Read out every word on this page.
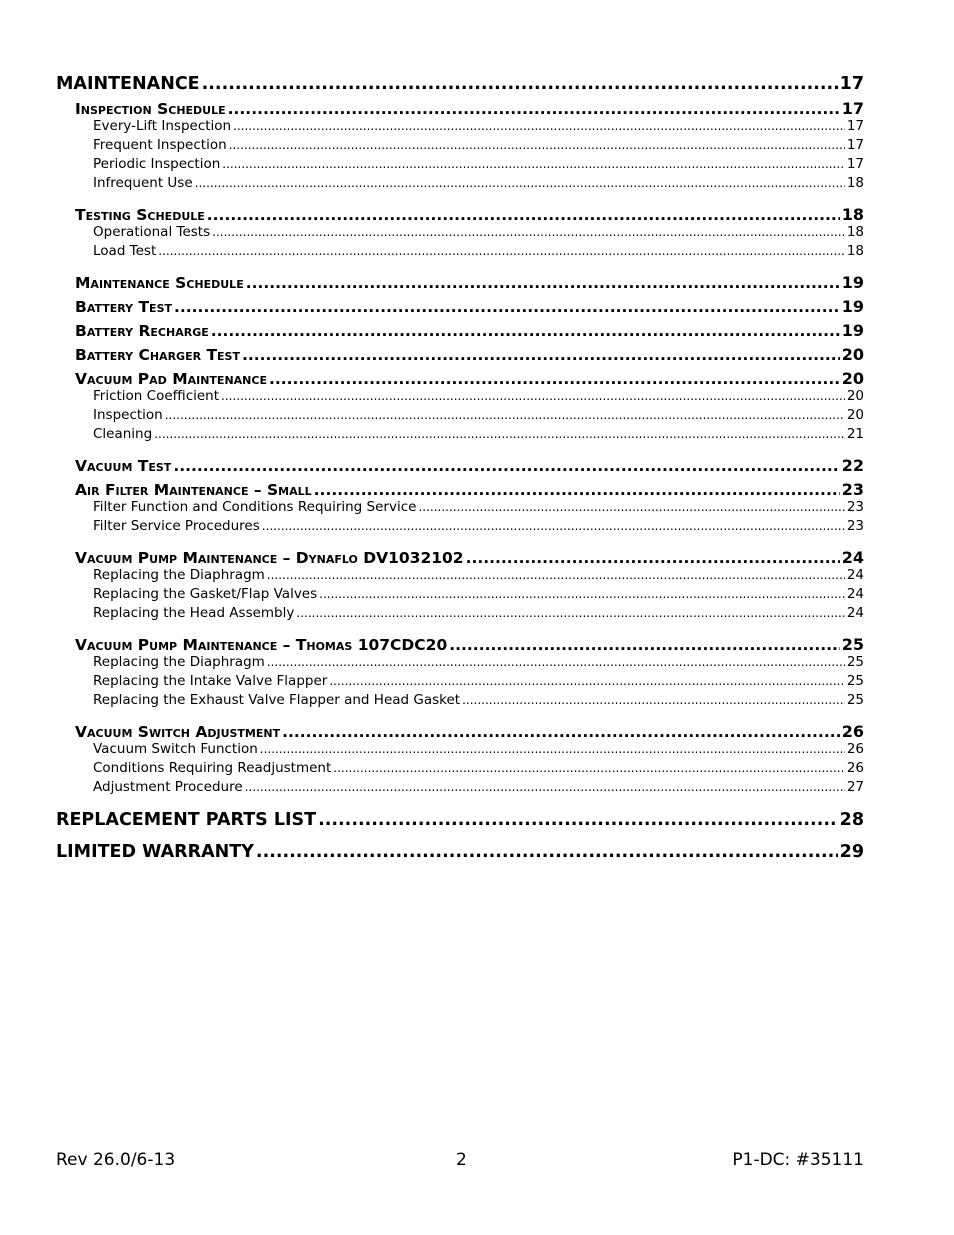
MAINTENANCE .....	17
Inspection Schedule .....	17
Every-Lift Inspection .....	17
Frequent Inspection .....	17
Periodic Inspection .....	17
Infrequent Use .....	18
Testing Schedule .....	18
Operational Tests .....	18
Load Test .....	18
Maintenance Schedule .....	19
Battery Test .....	19
Battery Recharge .....	19
Battery Charger Test .....	20
Vacuum Pad Maintenance .....	20
Friction Coefficient .....	20
Inspection .....	20
Cleaning .....	21
Vacuum Test .....	22
Air Filter Maintenance – Small .....	23
Filter Function and Conditions Requiring Service .....	23
Filter Service Procedures .....	23
Vacuum Pump Maintenance – Dynaflo DV1032102 .....	24
Replacing the Diaphragm .....	24
Replacing the Gasket/Flap Valves .....	24
Replacing the Head Assembly .....	24
Vacuum Pump Maintenance – Thomas 107CDC20 .....	25
Replacing the Diaphragm .....	25
Replacing the Intake Valve Flapper .....	25
Replacing the Exhaust Valve Flapper and Head Gasket .....	25
Vacuum Switch Adjustment .....	26
Vacuum Switch Function .....	26
Conditions Requiring Readjustment .....	26
Adjustment Procedure .....	27
REPLACEMENT PARTS LIST .....	28
LIMITED WARRANTY .....	29
Rev 26.0/6-13	2	P1-DC: #35111
